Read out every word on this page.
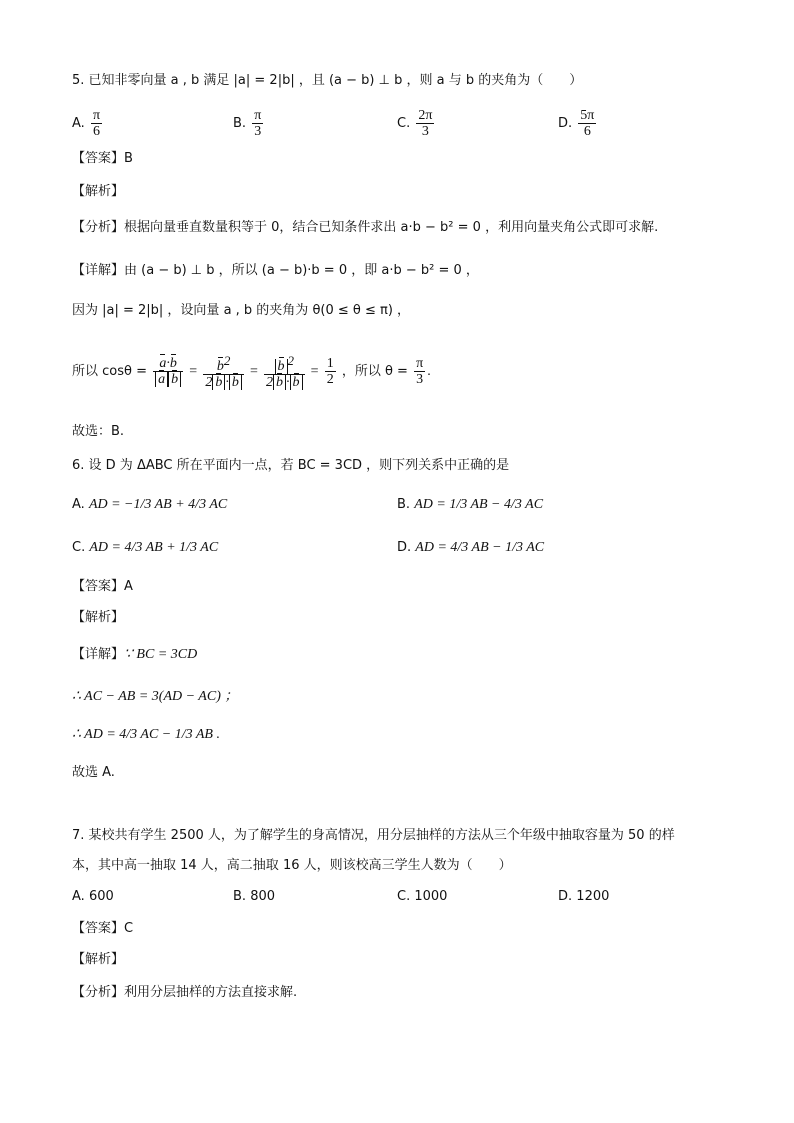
5. 已知非零向量 a , b 满足 |a| = 2|b| ，且 (a − b) ⊥ b ，则 a 与 b 的夹角为（　　）
A. $\frac{\pi}{6}$	B. $\frac{\pi}{3}$	C. $\frac{2\pi}{3}$	D. $\frac{5\pi}{6}$
【答案】B
【解析】
【分析】根据向量垂直数量积等于 0，结合已知条件求出 a·b − b² = 0 ，利用向量夹角公式即可求解.
【详解】由 (a − b) ⊥ b ，所以 (a − b)·b = 0 ，即 a·b − b² = 0 ，
因为 |a| = 2|b| ，设向量 a , b 的夹角为 θ(0 ≤ θ ≤ π) ，
所以 $\cos\theta = \frac{a\cdot b}{\text{a b}} = \frac{b^2}{2 b \cdot b} = \frac{b ^2}{2 b \cdot b} = \frac{1}{2}$ ，所以 $\theta = \frac{\pi}{3}$ .
故选：B.
6. 设 D 为 ΔABC 所在平面内一点，若 BC = 3CD ，则下列关系中正确的是
A. AD = −1/3 AB + 4/3 AC	B. AD = 1/3 AB − 4/3 AC
C. AD = 4/3 AB + 1/3 AC	D. AD = 4/3 AB − 1/3 AC
【答案】A
【解析】
【详解】∵ BC = 3CD
∴ AC − AB = 3(AD − AC) ；
∴ AD = 4/3 AC − 1/3 AB .
故选 A.
7. 某校共有学生 2500 人，为了解学生的身高情况，用分层抽样的方法从三个年级中抽取容量为 50 的样
本，其中高一抽取 14 人，高二抽取 16 人，则该校高三学生人数为（　　）
A. 600	B. 800	C. 1000	D. 1200
【答案】C
【解析】
【分析】利用分层抽样的方法直接求解.
